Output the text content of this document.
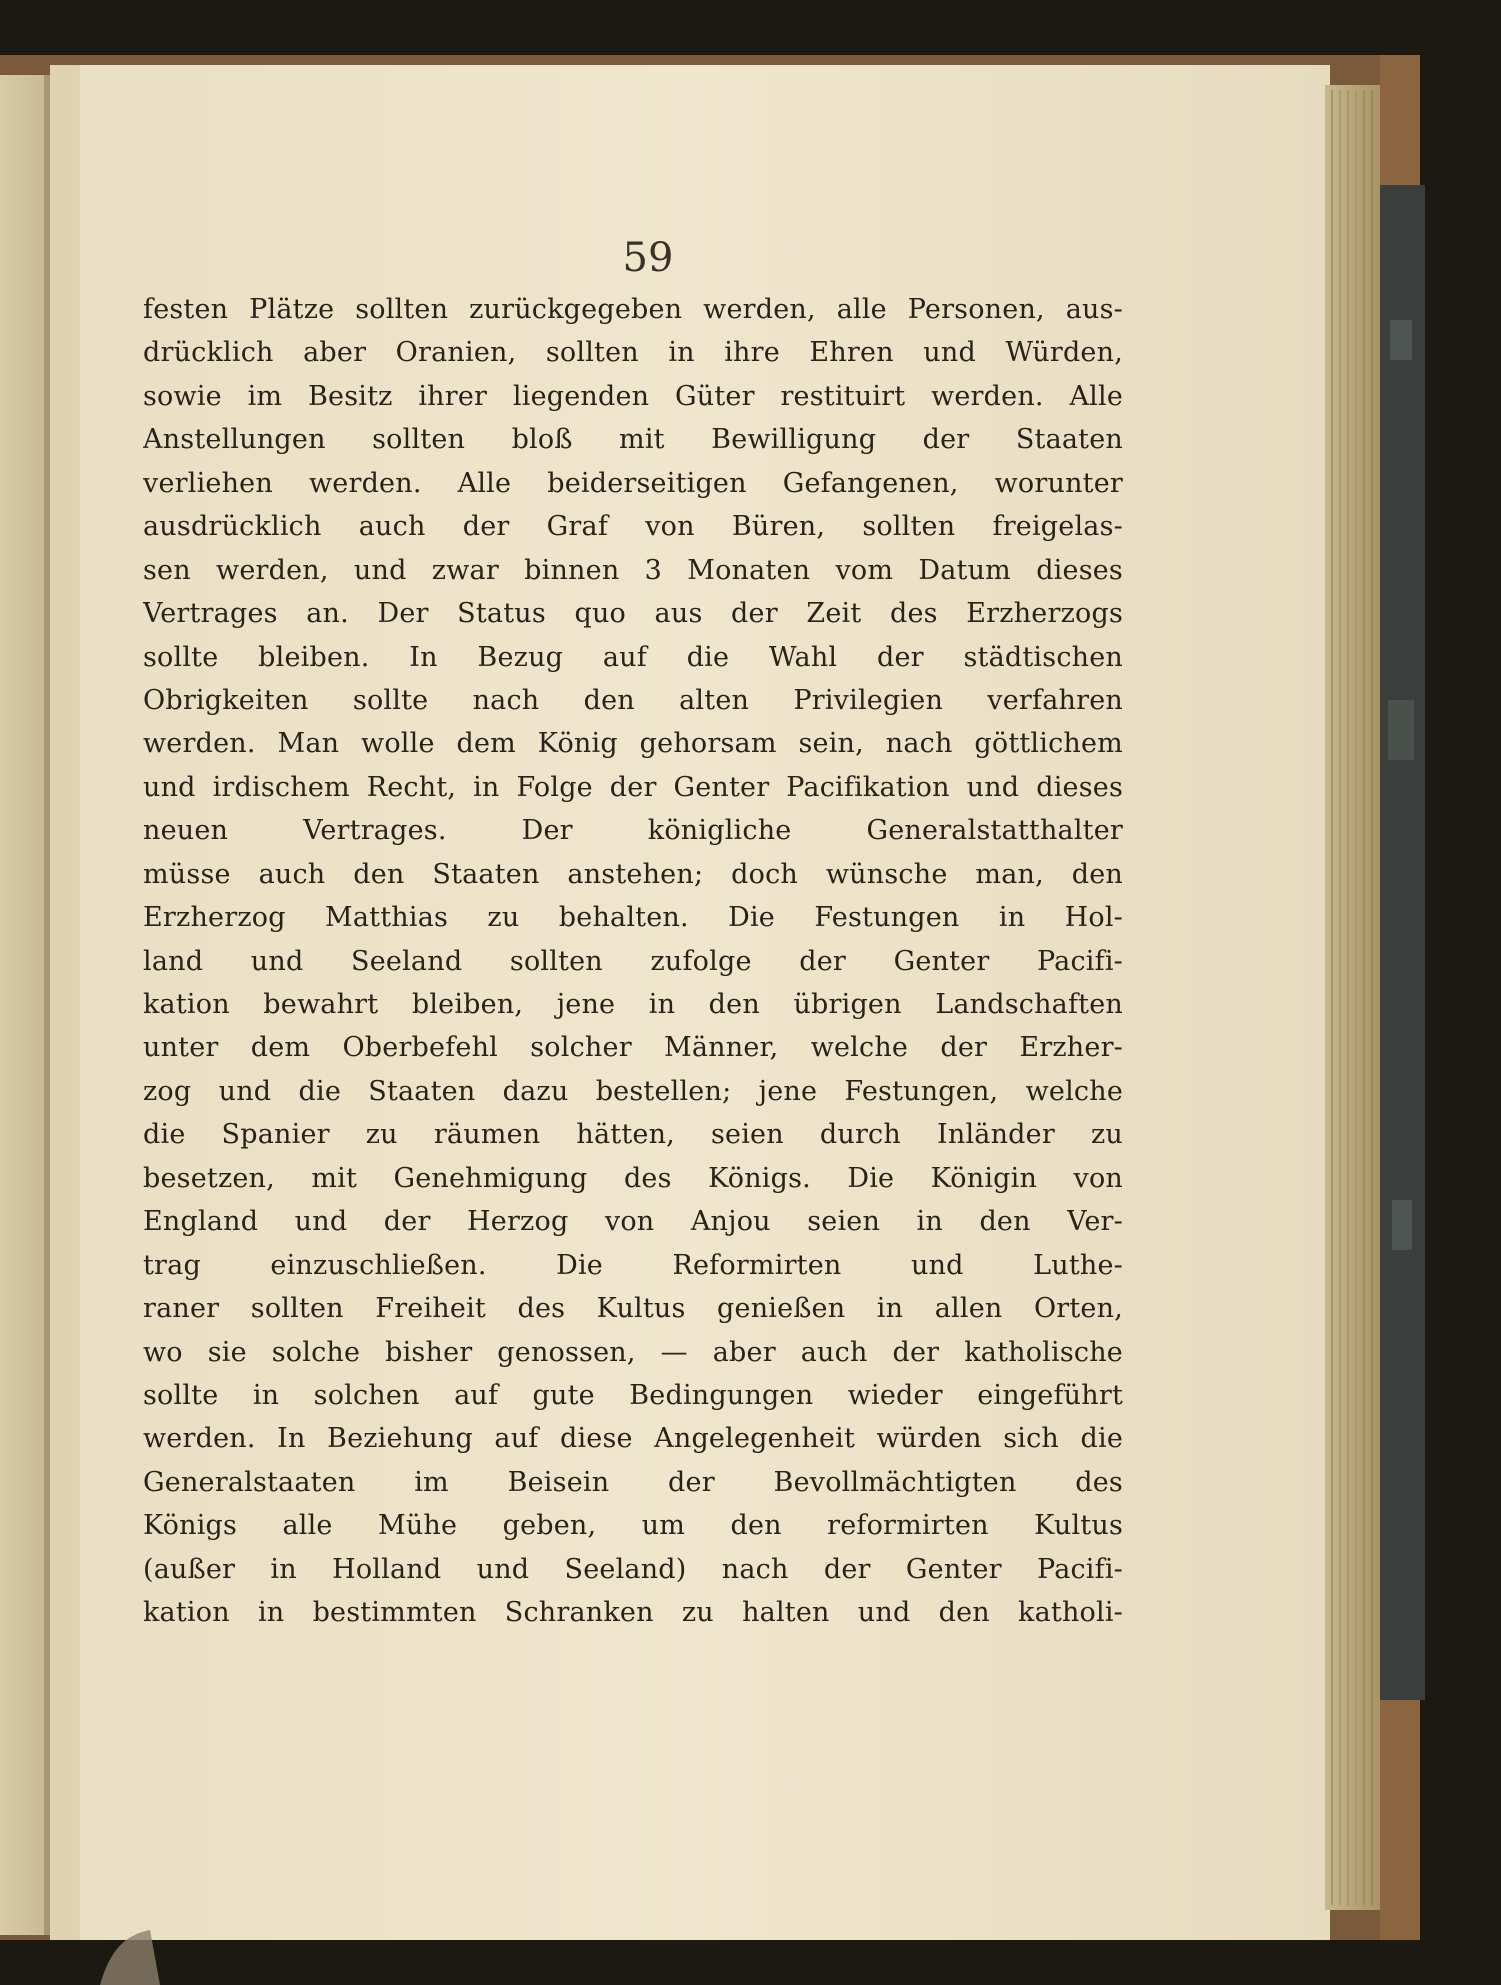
59
festen Plätze sollten zurückgegeben werden, alle Personen, aus-
drücklich aber Oranien, sollten in ihre Ehren und Würden,
sowie im Besitz ihrer liegenden Güter restituirt werden. Alle
Anstellungen sollten bloß mit Bewilligung der Staaten
verliehen werden. Alle beiderseitigen Gefangenen, worunter
ausdrücklich auch der Graf von Büren, sollten freigelas-
sen werden, und zwar binnen 3 Monaten vom Datum dieses
Vertrages an. Der Status quo aus der Zeit des Erzherzogs
sollte bleiben. In Bezug auf die Wahl der städtischen
Obrigkeiten sollte nach den alten Privilegien verfahren
werden. Man wolle dem König gehorsam sein, nach göttlichem
und irdischem Recht, in Folge der Genter Pacifikation und dieses
neuen Vertrages. Der königliche Generalstatthalter
müsse auch den Staaten anstehen; doch wünsche man, den
Erzherzog Matthias zu behalten. Die Festungen in Hol-
land und Seeland sollten zufolge der Genter Pacifi-
kation bewahrt bleiben, jene in den übrigen Landschaften
unter dem Oberbefehl solcher Männer, welche der Erzher-
zog und die Staaten dazu bestellen; jene Festungen, welche
die Spanier zu räumen hätten, seien durch Inländer zu
besetzen, mit Genehmigung des Königs. Die Königin von
England und der Herzog von Anjou seien in den Ver-
trag einzuschließen. Die Reformirten und Luthe-
raner sollten Freiheit des Kultus genießen in allen Orten,
wo sie solche bisher genossen, — aber auch der katholische
sollte in solchen auf gute Bedingungen wieder eingeführt
werden. In Beziehung auf diese Angelegenheit würden sich die
Generalstaaten im Beisein der Bevollmächtigten des
Königs alle Mühe geben, um den reformirten Kultus
(außer in Holland und Seeland) nach der Genter Pacifi-
kation in bestimmten Schranken zu halten und den katholi-
